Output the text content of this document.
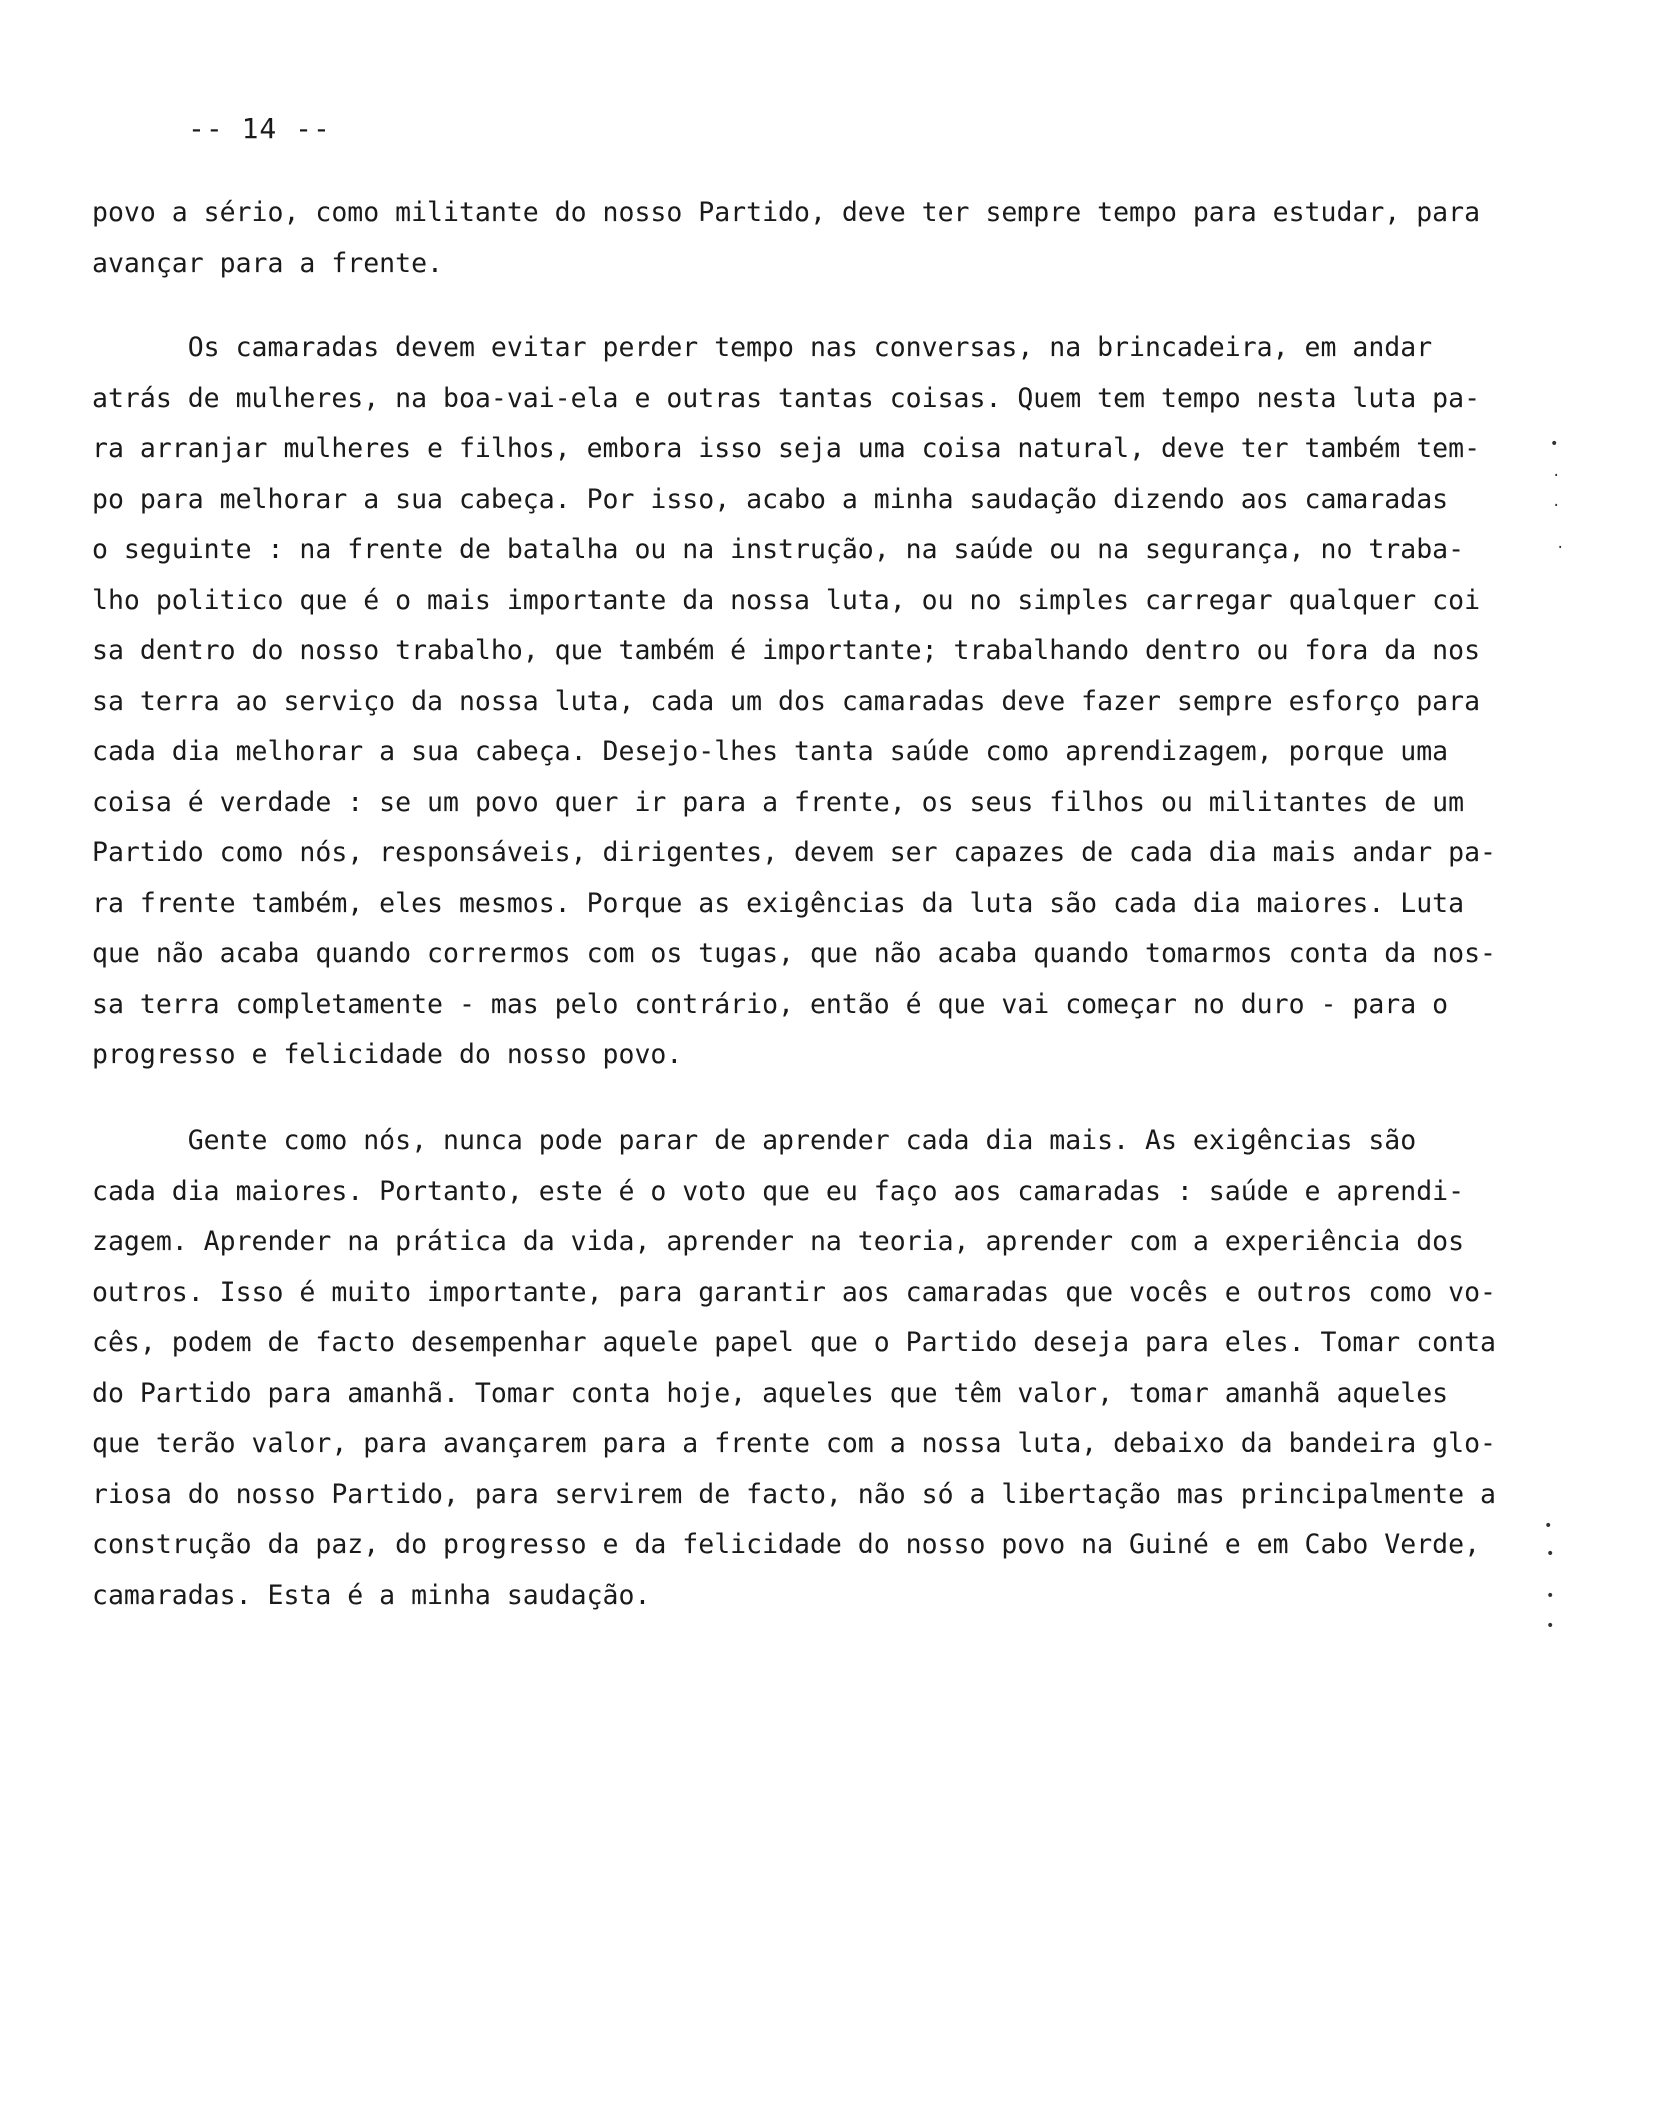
-- 14 --
povo a sério, como militante do nosso Partido, deve ter sempre tempo para estudar, para
avançar para a frente.
Os camaradas devem evitar perder tempo nas conversas, na brincadeira, em andar
atrás de mulheres, na boa-vai-ela e outras tantas coisas. Quem tem tempo nesta luta pa-
ra arranjar mulheres e filhos, embora isso seja uma coisa natural, deve ter também tem-
po para melhorar a sua cabeça. Por isso, acabo a minha saudação dizendo aos camaradas
o seguinte : na frente de batalha ou na instrução, na saúde ou na segurança, no traba-
lho politico que é o mais importante da nossa luta, ou no simples carregar qualquer coi
sa dentro do nosso trabalho, que também é importante; trabalhando dentro ou fora da nos
sa terra ao serviço da nossa luta, cada um dos camaradas deve fazer sempre esforço para
cada dia melhorar a sua cabeça. Desejo-lhes tanta saúde como aprendizagem, porque uma
coisa é verdade : se um povo quer ir para a frente, os seus filhos ou militantes de um
Partido como nós, responsáveis, dirigentes, devem ser capazes de cada dia mais andar pa-
ra frente também, eles mesmos. Porque as exigências da luta são cada dia maiores. Luta
que não acaba quando corrermos com os tugas, que não acaba quando tomarmos conta da nos-
sa terra completamente - mas pelo contrário, então é que vai começar no duro - para o
progresso e felicidade do nosso povo.
Gente como nós, nunca pode parar de aprender cada dia mais. As exigências são
cada dia maiores. Portanto, este é o voto que eu faço aos camaradas : saúde e aprendi-
zagem. Aprender na prática da vida, aprender na teoria, aprender com a experiência dos
outros. Isso é muito importante, para garantir aos camaradas que vocês e outros como vo-
cês, podem de facto desempenhar aquele papel que o Partido deseja para eles. Tomar conta
do Partido para amanhã. Tomar conta hoje, aqueles que têm valor, tomar amanhã aqueles
que terão valor, para avançarem para a frente com a nossa luta, debaixo da bandeira glo-
riosa do nosso Partido, para servirem de facto, não só a libertação mas principalmente a
construção da paz, do progresso e da felicidade do nosso povo na Guiné e em Cabo Verde,
camaradas. Esta é a minha saudação.
•
·
·
·
•
•
•
•
